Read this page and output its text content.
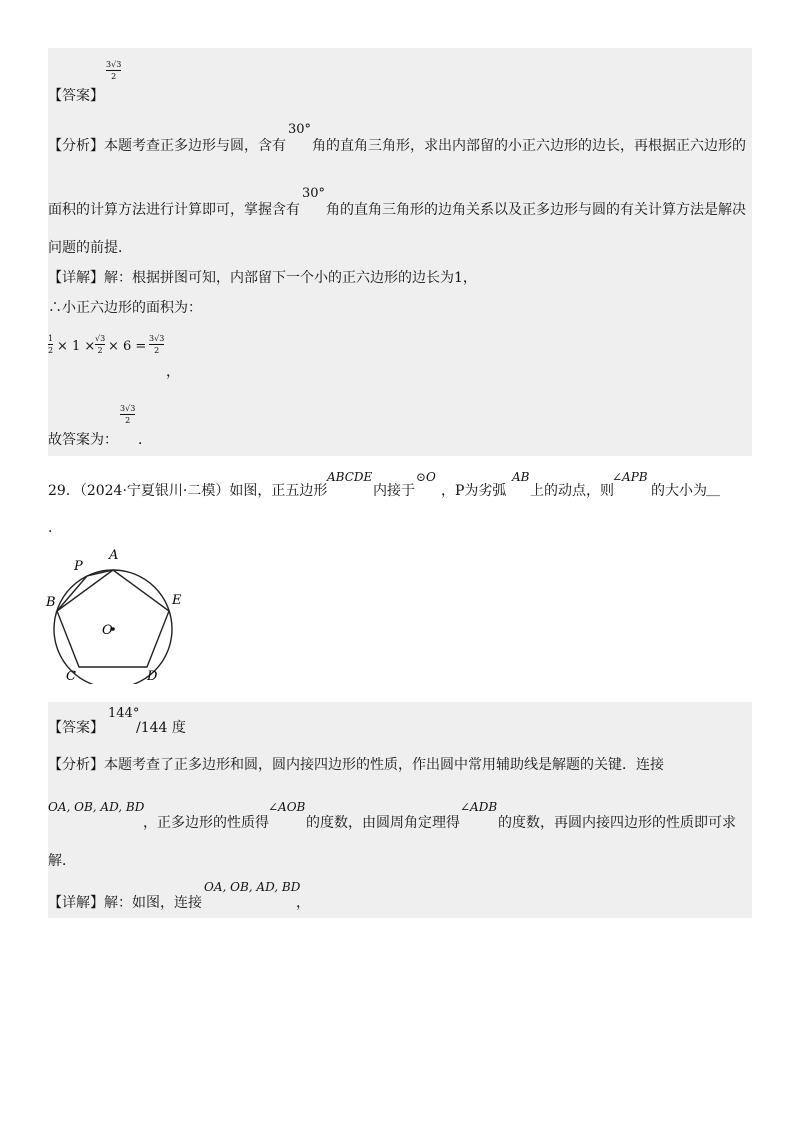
3√3
2
【答案】
30°
【分析】本题考查正多边形与圆，含有 角的直角三角形，求出内部留的小正六边形的边长，再根据正六边形的
30°
面积的计算方法进行计算即可，掌握含有 角的直角三角形的边角关系以及正多边形与圆的有关计算方法是解决
问题的前提．
【详解】解：根据拼图可知，内部留下一个小的正六边形的边长为1，
∴小正六边形的面积为：
1
2 × 1 ×
√3
2 × 6 =
3√3
2
，
3√3
2
故答案为： ．
29．（2024·宁夏银川·二模）如图，正五边形
ABCDE
内接于
⊙O
，P为劣弧
AB
上的动点，则
∠APB
的大小为 __
．
A
P
B	E
O
C	D
144°
【答案】 /144 度
【分析】本题考查了正多边形和圆，圆内接四边形的性质，作出圆中常用辅助线是解题的关键．连接
OA, OB, AD, BD
，正多边形的性质得
∠AOB
的度数，由圆周角定理得
∠ADB
的度数，再圆内接四边形的性质即可求
解．
【详解】解：如图，连接
OA, OB, AD, BD
，
